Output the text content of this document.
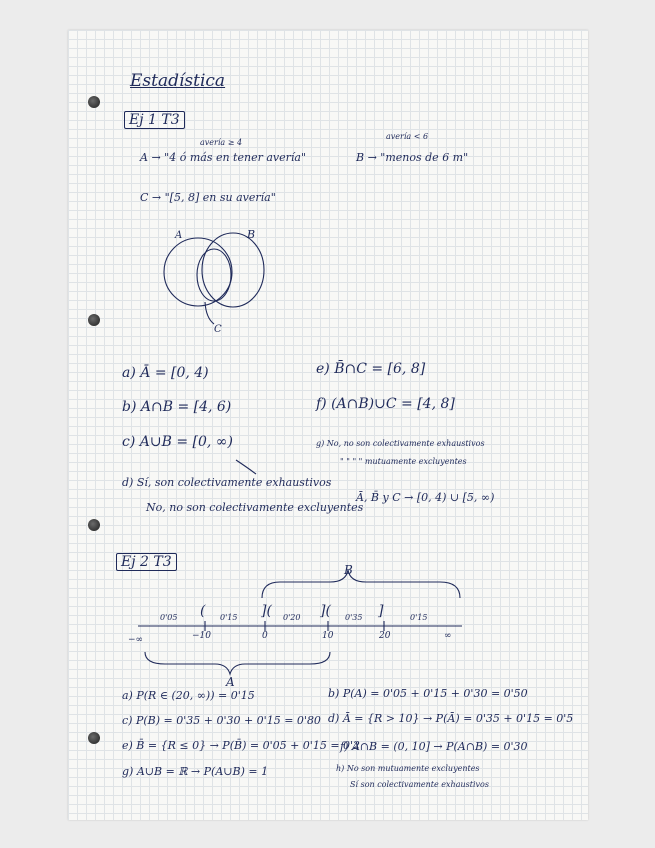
Estadística
Ej 1 T3
avería ≥ 4
avería < 6
A → "4 ó más en tener avería"	B → "menos de 6 m"
C → "[5, 8] en su avería"
A	B
C
a) Ā = [0, 4)
b) A∩B = [4, 6)
c) A∪B = [0, ∞)
d) Sí, son colectivamente exhaustivos
No, no son colectivamente excluyentes
e) B̄∩C = [6, 8]
f) (A∩B)∪C = [4, 8]
g) No, no son colectivamente exhaustivos
" " " " mutuamente excluyentes
Ā, B̄ y C → [0, 4) ∪ [5, ∞)
Ej 2 T3	B
(	](	](	]
0'05	0'15	0'20	0'35	0'15
−∞	−10	0	10	20	∞
A
a) P(R ∈ (20, ∞)) = 0'15	b) P(A) = 0'05 + 0'15 + 0'30 = 0'50
c) P(B) = 0'35 + 0'30 + 0'15 = 0'80 d) Ā = {R > 10} → P(Ā) = 0'35 + 0'15 = 0'5
e) B̄ = {R ≤ 0} → P(B̄) = 0'05 + 0'15 = 0'2
f) A∩B = (0, 10] → P(A∩B) = 0'30
g) A∪B = ℝ → P(A∪B) = 1	h) No son mutuamente excluyentes
Sí son colectivamente exhaustivos
